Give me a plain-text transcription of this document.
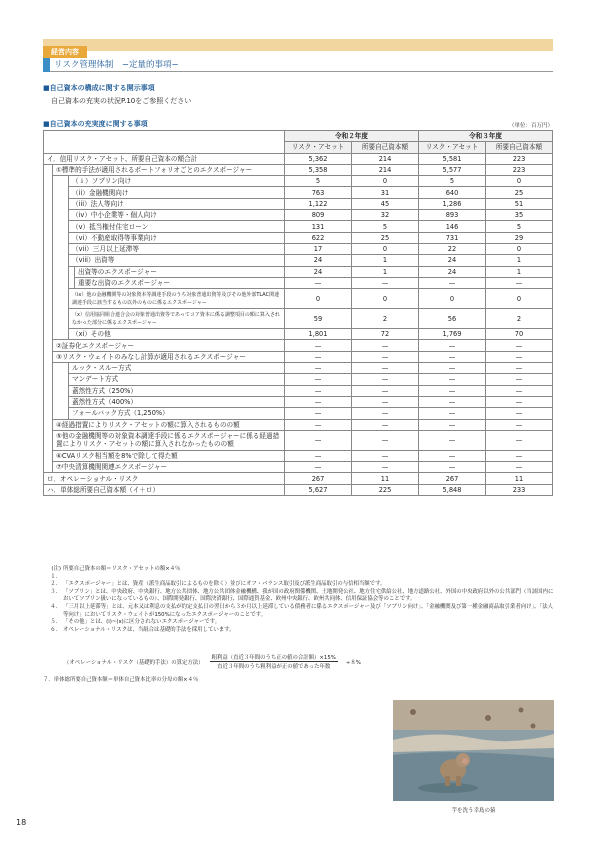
経営内容
リスク管理体制　−定量的事項−
■自己資本の構成に関する開示事項
自己資本の充実の状況P.10をご参照ください
■自己資本の充実度に関する事項	（単位：百万円）
				令和２年度		令和３年度	
				リスク・アセット	所要自己資本額	リスク・アセット	所要自己資本額
イ．信用リスク・アセット、所要自己資本の額合計				5,362	214	5,581	223
	①標準的手法が適用されるポートフォリオごとのエクスポージャー			5,358	214	5,577	223
		（ｉ）ソブリン向け		5	0	5	0
		（ii）金融機関向け		763	31	640	25
		（iii）法人等向け		1,122	45	1,286	51
		（iv）中小企業等・個人向け		809	32	893	35
		（v）抵当権付住宅ローン		131	5	146	5
		（vi）不動産取得等事業向け		622	25	731	29
		（vii）三月以上延滞等		17	0	22	0
		（viii）出資等		24	1	24	1
			出資等のエクスポージャー	24	1	24	1
			重要な出資のエクスポージャー	—	—	—	—
		（ix）他の金融機関等の対象資本等調達手段のうち対象普通出資等及びその他外部TLAC関連調達手段に該当するもの以外のものに係るエクスポージャー		0	0	0	0
		（x）信用協同組合連合会の対象普通出資等であってコア資本に係る調整項目の額に算入されなかった部分に係るエクスポージャー		59	2	56	2
		（xi）その他		1,801	72	1,769	70
	②証券化エクスポージャー			—	—	—	—
	③リスク・ウェイトのみなし計算が適用されるエクスポージャー			—	—	—	—
		ルック・スルー方式		—	—	—	—
		マンデート方式		—	—	—	—
		蓋然性方式（250%）		—	—	—	—
		蓋然性方式（400%）		—	—	—	—
		フォールバック方式（1,250%）		—	—	—	—
	④経過措置によりリスク・アセットの額に算入されるものの額			—	—	—	—
	⑤他の金融機関等の対象資本調達手段に係るエクスポージャーに係る経過措置によりリスク・アセットの額に算入されなかったものの額			—	—	—	—
	⑥CVAリスク相当額を8%で除して得た額			—	—	—	—
	⑦中央清算機関関連エクスポージャー			—	—	—	—
ロ．オペレーショナル・リスク				267	11	267	11
ハ．単体総所要自己資本額（イ＋ロ）				5,627	225	5,848	233
(注)１．
所要自己資本の額＝リスク・アセットの額×４％
２． 「エクスポージャー」とは、資産（派生商品取引によるものを除く）並びにオフ・バランス取引及び派生商品取引の与信相当額です。
３． 「ソブリン」とは、中央政府、中央銀行、地方公共団体、地方公共団体金融機構、我が国の政府関係機関、土地開発公社、地方住宅供給公社、地方道路公社、外国の中央政府以外の公共部門（当該国内においてソブリン扱いになっているもの）、国際開発銀行、国際決済銀行、国際通貨基金、欧州中央銀行、欧州共同体、信用保証協会等のことです。
４． 「三月以上延滞等」とは、元本又は利息の支払が約定支払日の翌日から３か月以上延滞している債務者に係るエクスポージャー及び「ソブリン向け」、「金融機関及び第一種金融商品取引業者向け」、「法人等向け」においてリスク・ウェイトが150%になったエクスポージャーのことです。
５． 「その他」とは、(i)~(x)に区分されないエクスポージャーです。
６． オペレーショナル・リスクは、当組合は基礎的手法を採用しています。
（オペレーショナル・リスク（基礎的手法）の算定方法） $\frac{\text{粗利益（直近３年間のうち正の値の合計額）×15\%}}{\text{直近３年間のうち粗利益が正の値であった年数}} \div 8\%$
７．単体総所要自己資本額＝単体自己資本比率の分母の額×４％
芋を洗う幸島の猿
18
